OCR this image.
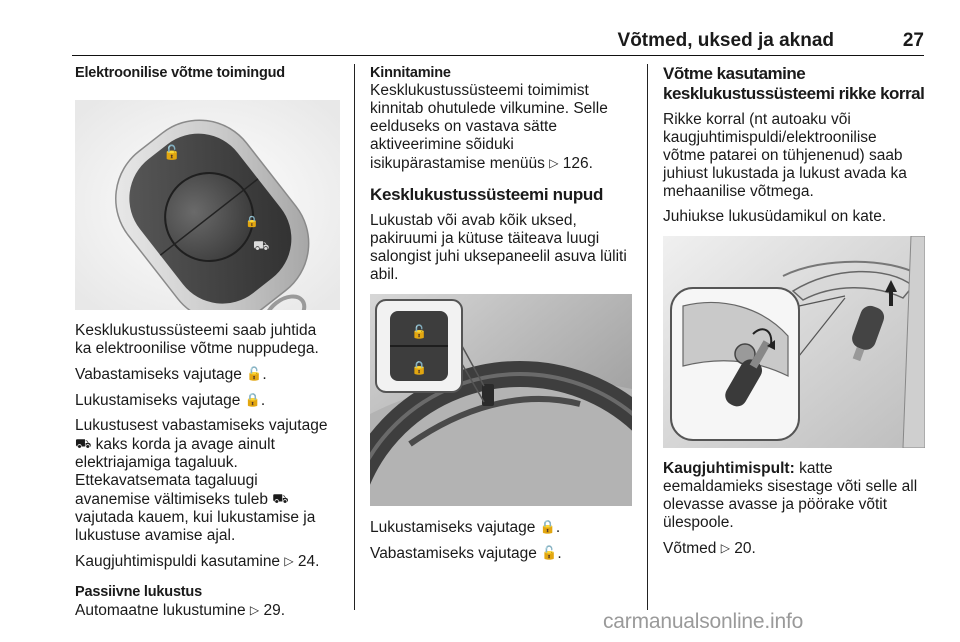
Võtmed, uksed ja aknad	27
Elektroonilise võtme toimingud
🔓
🔒
⛟

Kesklukustussüsteemi saab juhtida
ka elektroonilise võtme nuppudega.

Vabastamiseks vajutage 🔓.

Lukustamiseks vajutage 🔒.

Lukustusest vabastamiseks vajutage
⛟ kaks korda ja avage ainult
elektriajamiga tagaluuk.
Ettekavatsemata tagaluugi
avanemise vältimiseks tuleb ⛟
vajutada kauem, kui lukustamise ja
lukustuse avamise ajal.

Kaugjuhtimispuldi kasutamine ▷ 24.

Passiivne lukustus

Automaatne lukustumine ▷ 29.

Kinnitamine

Kesklukustussüsteemi toimimist
kinnitab ohutulede vilkumine. Selle
eelduseks on vastava sätte
aktiveerimine sõiduki
isikupärastamise menüüs ▷ 126.

Kesklukustussüsteemi nupud

Lukustab või avab kõik uksed,
pakiruumi ja kütuse täiteava luugi
salongist juhi uksepaneelil asuva lüliti
abil.

🔓
🔒

Lukustamiseks vajutage 🔒.

Vabastamiseks vajutage 🔓.

Võtme kasutamine
kesklukustussüsteemi rikke korral

Rikke korral (nt autoaku või
kaugjuhtimispuldi/elektroonilise
võtme patarei on tühjenenud) saab
juhiust lukustada ja lukust avada ka
mehaanilise võtmega.

Juhiukse lukusüdamikul on kate.

Kaugjuhtimispult: katte
eemaldamieks sisestage võti selle all
olevasse avasse ja pöörake võtit
ülespoole.

Võtmed ▷ 20.

carmanualsonline.info
